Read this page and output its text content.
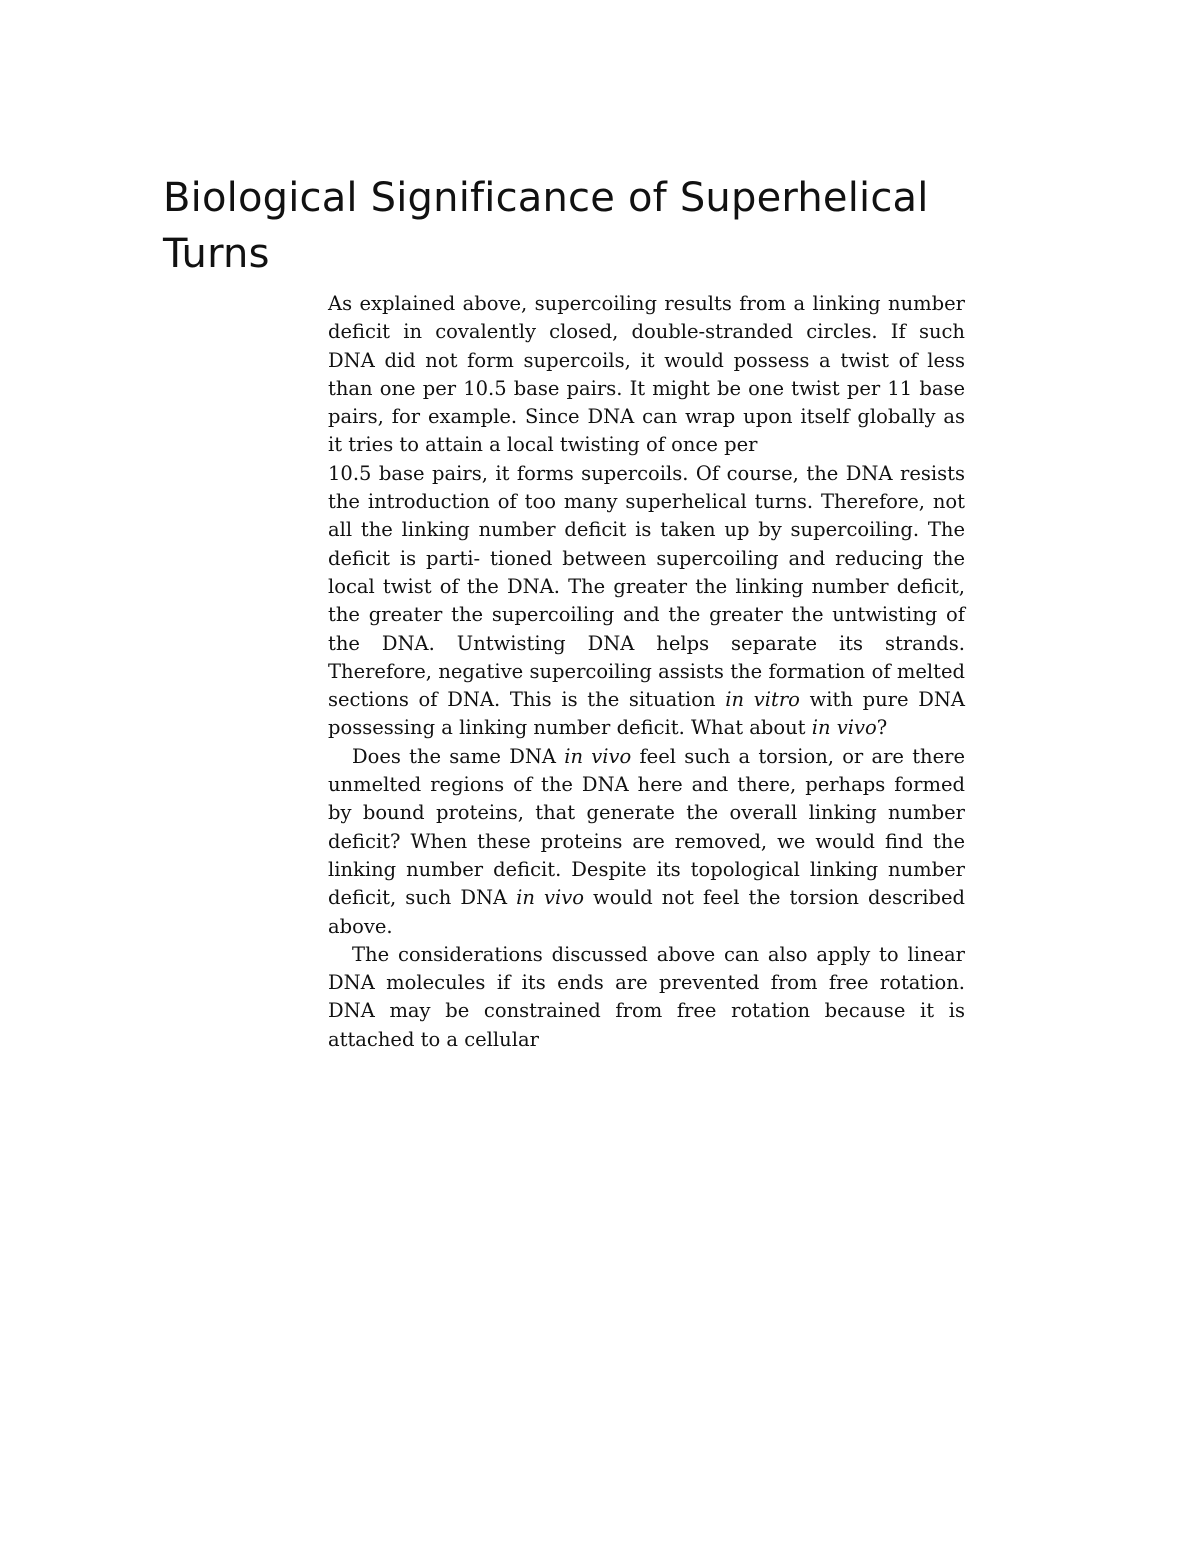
Biological Significance of Superhelical Turns

As explained above, supercoiling results from a linking number deficit in covalently closed, double-stranded circles. If such DNA did not form supercoils, it would possess a twist of less than one per 10.5 base pairs. It might be one twist per 11 base pairs, for example. Since DNA can wrap upon itself globally as it tries to attain a local twisting of once per

10.5 base pairs, it forms supercoils. Of course, the DNA resists the introduction of too many superhelical turns. Therefore, not all the linking number deficit is taken up by supercoiling. The deficit is parti- tioned between supercoiling and reducing the local twist of the DNA. The greater the linking number deficit, the greater the supercoiling and the greater the untwisting of the DNA. Untwisting DNA helps separate its strands. Therefore, negative supercoiling assists the formation of melted sections of DNA. This is the situation in vitro with pure DNA possessing a linking number deficit. What about in vivo?

Does the same DNA in vivo feel such a torsion, or are there unmelted regions of the DNA here and there, perhaps formed by bound proteins, that generate the overall linking number deficit? When these proteins are removed, we would find the linking number deficit. Despite its topological linking number deficit, such DNA in vivo would not feel the torsion described above.

The considerations discussed above can also apply to linear DNA molecules if its ends are prevented from free rotation. DNA may be constrained from free rotation because it is attached to a cellular
